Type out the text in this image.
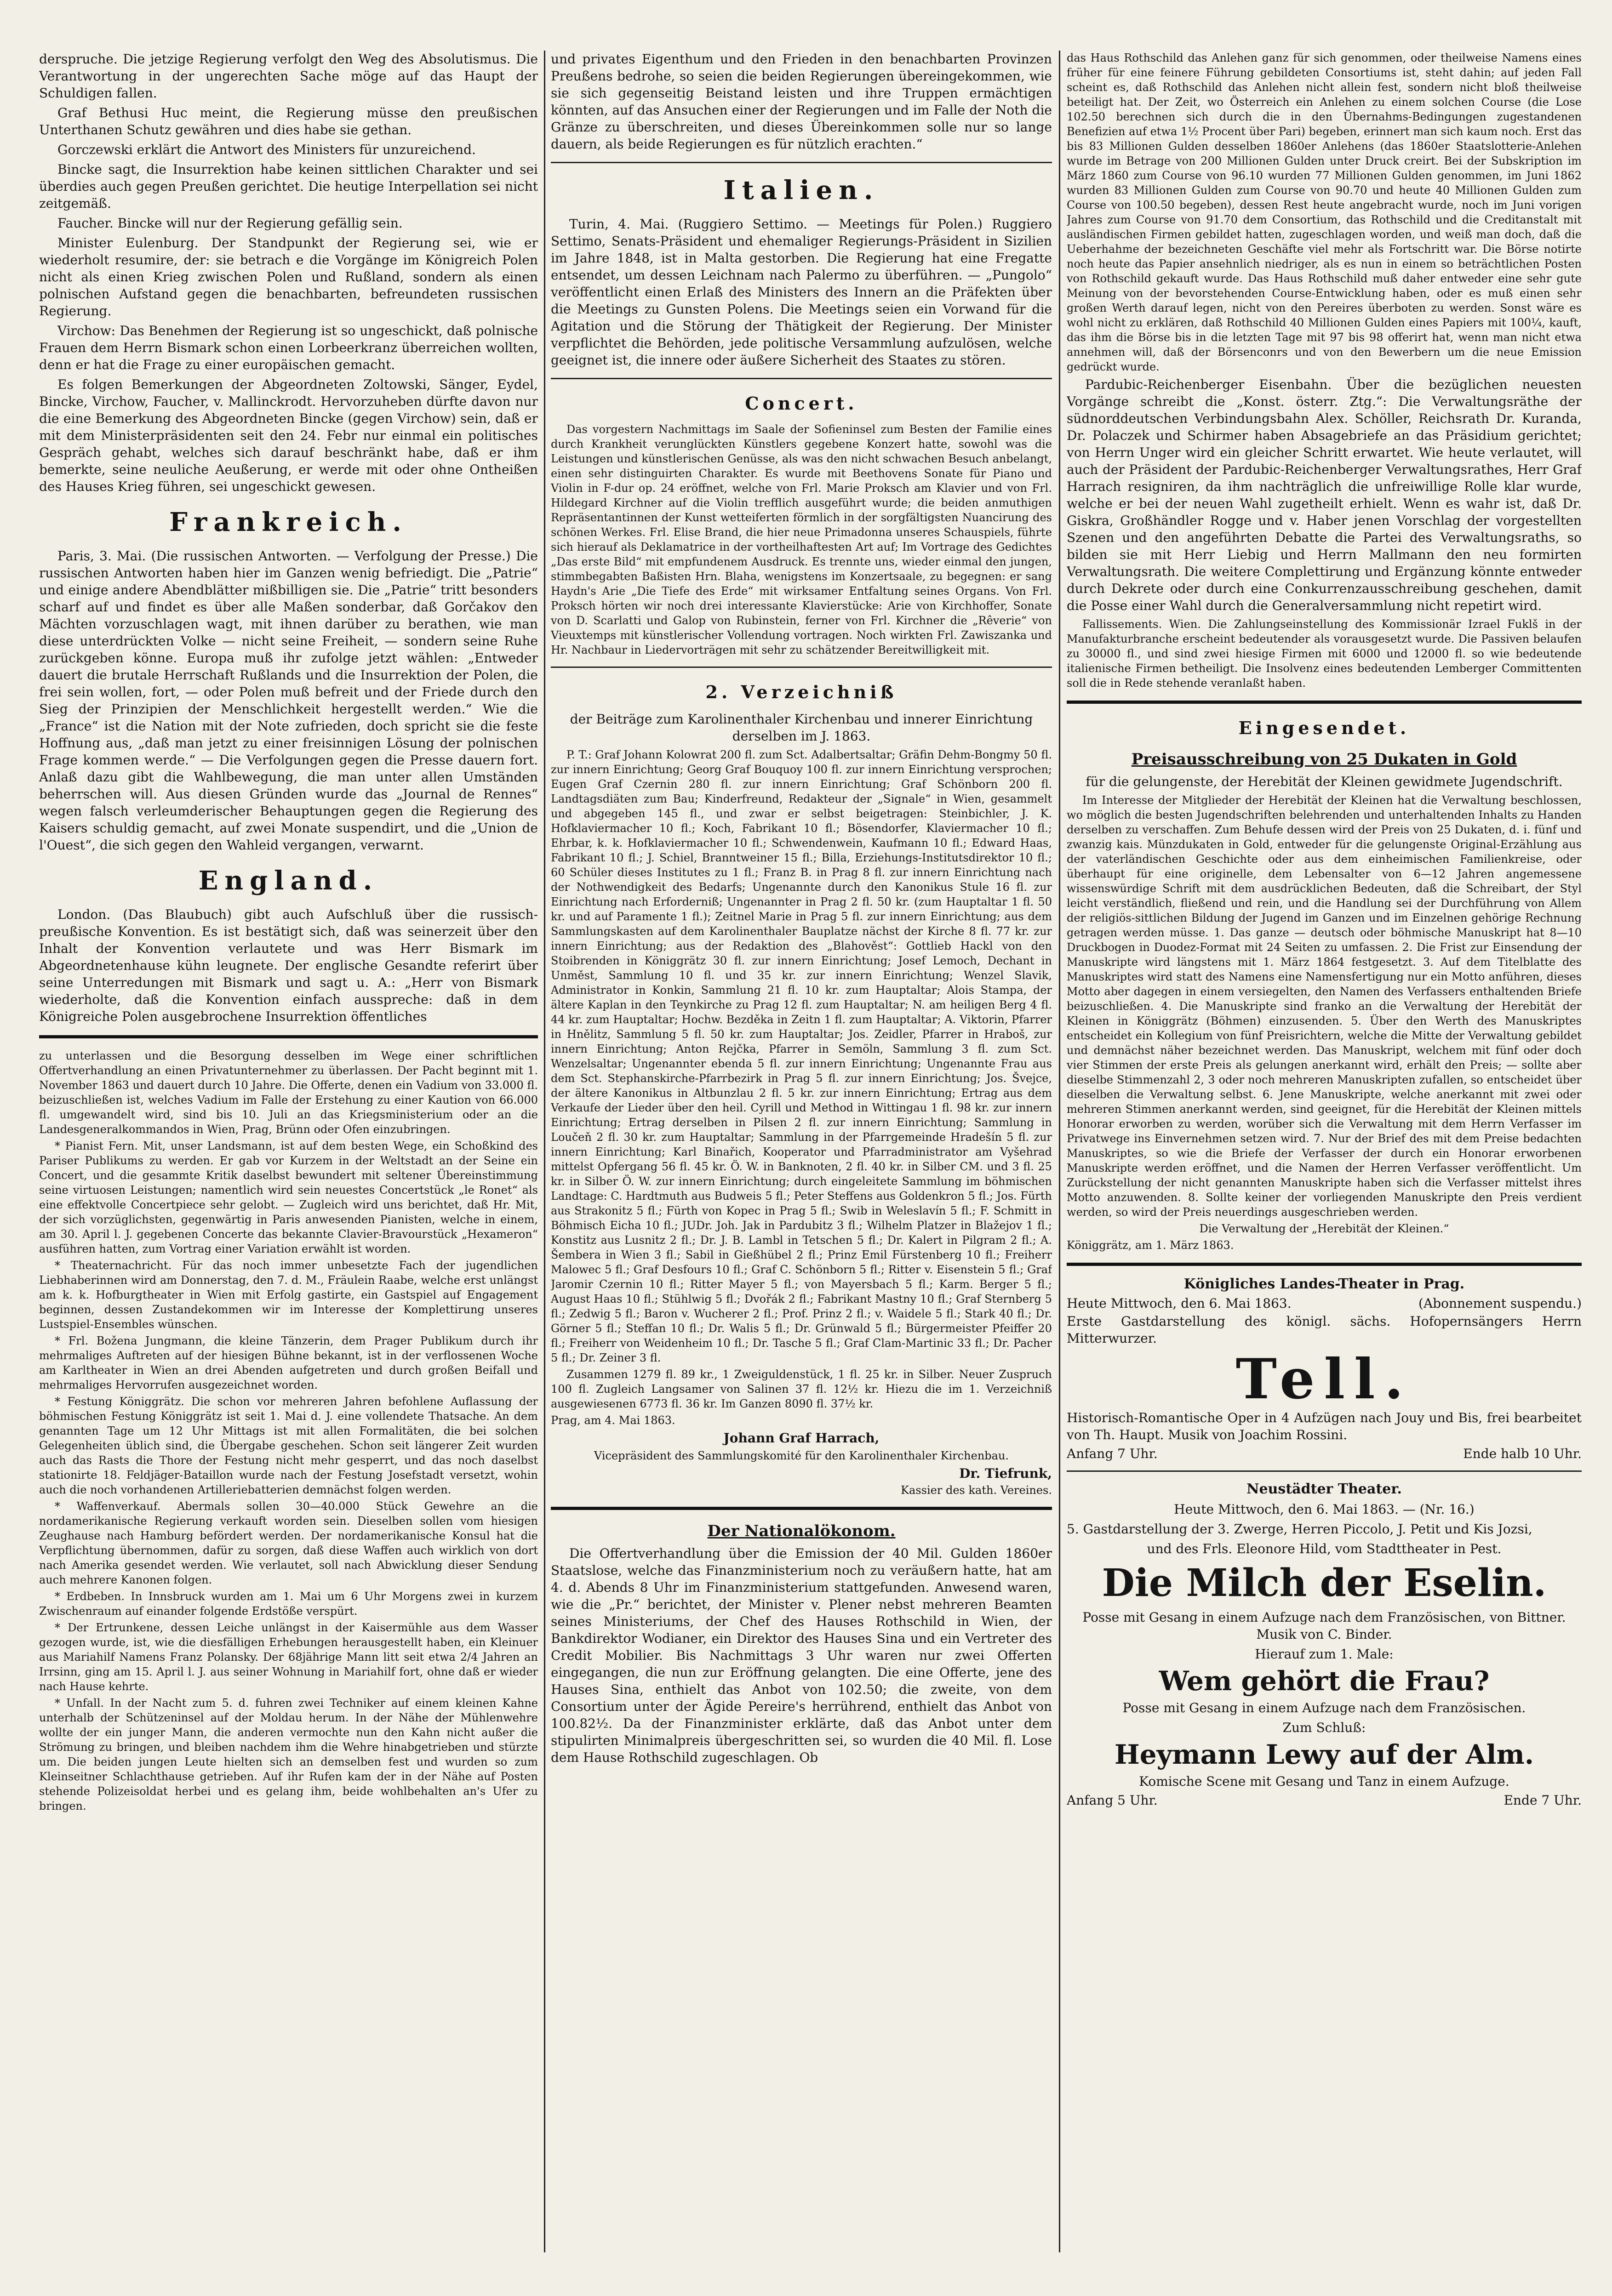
derspruche. Die jetzige Regierung verfolgt den Weg des Absolutismus. Die Verantwortung in der ungerechten Sache möge auf das Haupt der Schuldigen fallen.

Graf Bethusi Huc meint, die Regierung müsse den preußischen Unterthanen Schutz gewähren und dies habe sie gethan.

Gorczewski erklärt die Antwort des Ministers für unzureichend.

Bincke sagt, die Insurrektion habe keinen sittlichen Charakter und sei überdies auch gegen Preußen gerichtet. Die heutige Interpellation sei nicht zeitgemäß.

Faucher. Bincke will nur der Regierung gefällig sein.

Minister Eulenburg. Der Standpunkt der Regierung sei, wie er wiederholt resumire, der: sie betrach e die Vorgänge im Königreich Polen nicht als einen Krieg zwischen Polen und Rußland, sondern als einen polnischen Aufstand gegen die benachbarten, befreundeten russischen Regierung.

Virchow: Das Benehmen der Regierung ist so ungeschickt, daß polnische Frauen dem Herrn Bismark schon einen Lorbeerkranz überreichen wollten, denn er hat die Frage zu einer europäischen gemacht.

Es folgen Bemerkungen der Abgeordneten Zoltowski, Sänger, Eydel, Bincke, Virchow, Faucher, v. Mallinckrodt. Hervorzuheben dürfte davon nur die eine Bemerkung des Abgeordneten Bincke (gegen Virchow) sein, daß er mit dem Ministerpräsidenten seit den 24. Febr nur einmal ein politisches Gespräch gehabt, welches sich darauf beschränkt habe, daß er ihm bemerkte, seine neuliche Aeußerung, er werde mit oder ohne Ontheißen des Hauses Krieg führen, sei ungeschickt gewesen.

Frankreich.

Paris, 3. Mai. (Die russischen Antworten. — Verfolgung der Presse.) Die russischen Antworten haben hier im Ganzen wenig befriedigt. Die „Patrie“ und einige andere Abendblätter mißbilligen sie. Die „Patrie“ tritt besonders scharf auf und findet es über alle Maßen sonderbar, daß Gorčakov den Mächten vorzuschlagen wagt, mit ihnen darüber zu berathen, wie man diese unterdrückten Volke — nicht seine Freiheit, — sondern seine Ruhe zurückgeben könne. Europa muß ihr zufolge jetzt wählen: „Entweder dauert die brutale Herrschaft Rußlands und die Insurrektion der Polen, die frei sein wollen, fort, — oder Polen muß befreit und der Friede durch den Sieg der Prinzipien der Menschlichkeit hergestellt werden.“ Wie die „France“ ist die Nation mit der Note zufrieden, doch spricht sie die feste Hoffnung aus, „daß man jetzt zu einer freisinnigen Lösung der polnischen Frage kommen werde.“ — Die Verfolgungen gegen die Presse dauern fort. Anlaß dazu gibt die Wahlbewegung, die man unter allen Umständen beherrschen will. Aus diesen Gründen wurde das „Journal de Rennes“ wegen falsch verleumderischer Behauptungen gegen die Regierung des Kaisers schuldig gemacht, auf zwei Monate suspendirt, und die „Union de l'Ouest“, die sich gegen den Wahleid vergangen, verwarnt.

England.

London. (Das Blaubuch) gibt auch Aufschluß über die russisch-preußische Konvention. Es ist bestätigt sich, daß was seinerzeit über den Inhalt der Konvention verlautete und was Herr Bismark im Abgeordnetenhause kühn leugnete. Der englische Gesandte referirt über seine Unterredungen mit Bismark und sagt u. A.: „Herr von Bismark wiederholte, daß die Konvention einfach ausspreche: daß in dem Königreiche Polen ausgebrochene Insurrektion öffentliches

zu unterlassen und die Besorgung desselben im Wege einer schriftlichen Offertverhandlung an einen Privatunternehmer zu überlassen. Der Pacht beginnt mit 1. November 1863 und dauert durch 10 Jahre. Die Offerte, denen ein Vadium von 33.000 fl. beizuschließen ist, welches Vadium im Falle der Erstehung zu einer Kaution von 66.000 fl. umgewandelt wird, sind bis 10. Juli an das Kriegsministerium oder an die Landesgeneralkommandos in Wien, Prag, Brünn oder Ofen einzubringen.

* Pianist Fern. Mit, unser Landsmann, ist auf dem besten Wege, ein Schoßkind des Pariser Publikums zu werden. Er gab vor Kurzem in der Weltstadt an der Seine ein Concert, und die gesammte Kritik daselbst bewundert mit seltener Übereinstimmung seine virtuosen Leistungen; namentlich wird sein neuestes Concertstück „le Ronet“ als eine effektvolle Concertpiece sehr gelobt. — Zugleich wird uns berichtet, daß Hr. Mit, der sich vorzüglichsten, gegenwärtig in Paris anwesenden Pianisten, welche in einem, am 30. April l. J. gegebenen Concerte das bekannte Clavier-Bravourstück „Hexameron“ ausführen hatten, zum Vortrag einer Variation erwählt ist worden.

* Theaternachricht. Für das noch immer unbesetzte Fach der jugendlichen Liebhaberinnen wird am Donnerstag, den 7. d. M., Fräulein Raabe, welche erst unlängst am k. k. Hofburgtheater in Wien mit Erfolg gastirte, ein Gastspiel auf Engagement beginnen, dessen Zustandekommen wir im Interesse der Komplettirung unseres Lustspiel-Ensembles wünschen.

* Frl. Božena Jungmann, die kleine Tänzerin, dem Prager Publikum durch ihr mehrmaliges Auftreten auf der hiesigen Bühne bekannt, ist in der verflossenen Woche am Karltheater in Wien an drei Abenden aufgetreten und durch großen Beifall und mehrmaliges Hervorrufen ausgezeichnet worden.

* Festung Königgrätz. Die schon vor mehreren Jahren befohlene Auflassung der böhmischen Festung Königgrätz ist seit 1. Mai d. J. eine vollendete Thatsache. An dem genannten Tage um 12 Uhr Mittags ist mit allen Formalitäten, die bei solchen Gelegenheiten üblich sind, die Übergabe geschehen. Schon seit längerer Zeit wurden auch das Rasts die Thore der Festung nicht mehr gesperrt, und das noch daselbst stationirte 18. Feldjäger-Bataillon wurde nach der Festung Josefstadt versetzt, wohin auch die noch vorhandenen Artilleriebatterien demnächst folgen werden.

* Waffenverkauf. Abermals sollen 30—40.000 Stück Gewehre an die nordamerikanische Regierung verkauft worden sein. Dieselben sollen vom hiesigen Zeughause nach Hamburg befördert werden. Der nordamerikanische Konsul hat die Verpflichtung übernommen, dafür zu sorgen, daß diese Waffen auch wirklich von dort nach Amerika gesendet werden. Wie verlautet, soll nach Abwicklung dieser Sendung auch mehrere Kanonen folgen.

* Erdbeben. In Innsbruck wurden am 1. Mai um 6 Uhr Morgens zwei in kurzem Zwischenraum auf einander folgende Erdstöße verspürt.

* Der Ertrunkene, dessen Leiche unlängst in der Kaisermühle aus dem Wasser gezogen wurde, ist, wie die diesfälligen Erhebungen herausgestellt haben, ein Kleinuer aus Mariahilf Namens Franz Polansky. Der 68jährige Mann litt seit etwa 2/4 Jahren an Irrsinn, ging am 15. April l. J. aus seiner Wohnung in Mariahilf fort, ohne daß er wieder nach Hause kehrte.

* Unfall. In der Nacht zum 5. d. fuhren zwei Techniker auf einem kleinen Kahne unterhalb der Schützeninsel auf der Moldau herum. In der Nähe der Mühlenwehre wollte der ein junger Mann, die anderen vermochte nun den Kahn nicht außer die Strömung zu bringen, und bleiben nachdem ihm die Wehre hinabgetrieben und stürzte um. Die beiden jungen Leute hielten sich an demselben fest und wurden so zum Kleinseitner Schlachthause getrieben. Auf ihr Rufen kam der in der Nähe auf Posten stehende Polizeisoldat herbei und es gelang ihm, beide wohlbehalten an's Ufer zu bringen.

und privates Eigenthum und den Frieden in den benachbarten Provinzen Preußens bedrohe, so seien die beiden Regierungen übereingekommen, wie sie sich gegenseitig Beistand leisten und ihre Truppen ermächtigen könnten, auf das Ansuchen einer der Regierungen und im Falle der Noth die Gränze zu überschreiten, und dieses Übereinkommen solle nur so lange dauern, als beide Regierungen es für nützlich erachten.“

Italien.

Turin, 4. Mai. (Ruggiero Settimo. — Meetings für Polen.) Ruggiero Settimo, Senats-Präsident und ehemaliger Regierungs-Präsident in Sizilien im Jahre 1848, ist in Malta gestorben. Die Regierung hat eine Fregatte entsendet, um dessen Leichnam nach Palermo zu überführen. — „Pungolo“ veröffentlicht einen Erlaß des Ministers des Innern an die Präfekten über die Meetings zu Gunsten Polens. Die Meetings seien ein Vorwand für die Agitation und die Störung der Thätigkeit der Regierung. Der Minister verpflichtet die Behörden, jede politische Versammlung aufzulösen, welche geeignet ist, die innere oder äußere Sicherheit des Staates zu stören.

Concert.

Das vorgestern Nachmittags im Saale der Sofieninsel zum Besten der Familie eines durch Krankheit verunglückten Künstlers gegebene Konzert hatte, sowohl was die Leistungen und künstlerischen Genüsse, als was den nicht schwachen Besuch anbelangt, einen sehr distinguirten Charakter. Es wurde mit Beethovens Sonate für Piano und Violin in F-dur op. 24 eröffnet, welche von Frl. Marie Proksch am Klavier und von Frl. Hildegard Kirchner auf die Violin trefflich ausgeführt wurde; die beiden anmuthigen Repräsentantinnen der Kunst wetteiferten förmlich in der sorgfältigsten Nuancirung des schönen Werkes. Frl. Elise Brand, die hier neue Primadonna unseres Schauspiels, führte sich hierauf als Deklamatrice in der vortheilhaftesten Art auf; Im Vortrage des Gedichtes „Das erste Bild“ mit empfundenem Ausdruck. Es trennte uns, wieder einmal den jungen, stimmbegabten Baßisten Hrn. Blaha, wenigstens im Konzertsaale, zu begegnen: er sang Haydn's Arie „Die Tiefe des Erde“ mit wirksamer Entfaltung seines Organs. Von Frl. Proksch hörten wir noch drei interessante Klavierstücke: Arie von Kirchhoffer, Sonate von D. Scarlatti und Galop von Rubinstein, ferner von Frl. Kirchner die „Rêverie“ von Vieuxtemps mit künstlerischer Vollendung vortragen. Noch wirkten Frl. Zawiszanka und Hr. Nachbaur in Liedervorträgen mit sehr zu schätzender Bereitwilligkeit mit.

2. Verzeichniß

der Beiträge zum Karolinenthaler Kirchenbau und innerer Einrichtung derselben im J. 1863.

P. T.: Graf Johann Kolowrat 200 fl. zum Sct. Adalbertsaltar; Gräfin Dehm-Bongmy 50 fl. zur innern Einrichtung; Georg Graf Bouquoy 100 fl. zur innern Einrichtung versprochen; Eugen Graf Czernin 280 fl. zur innern Einrichtung; Graf Schönborn 200 fl. Landtagsdiäten zum Bau; Kinderfreund, Redakteur der „Signale“ in Wien, gesammelt und abgegeben 145 fl., und zwar er selbst beigetragen: Steinbichler, J. K. Hofklaviermacher 10 fl.; Koch, Fabrikant 10 fl.; Bösendorfer, Klaviermacher 10 fl.; Ehrbar, k. k. Hofklaviermacher 10 fl.; Schwendenwein, Kaufmann 10 fl.; Edward Haas, Fabrikant 10 fl.; J. Schiel, Branntweiner 15 fl.; Billa, Erziehungs-Institutsdirektor 10 fl.; 60 Schüler dieses Institutes zu 1 fl.; Franz B. in Prag 8 fl. zur innern Einrichtung nach der Nothwendigkeit des Bedarfs; Ungenannte durch den Kanonikus Stule 16 fl. zur Einrichtung nach Erforderniß; Ungenannter in Prag 2 fl. 50 kr. (zum Hauptaltar 1 fl. 50 kr. und auf Paramente 1 fl.); Zeitnel Marie in Prag 5 fl. zur innern Einrichtung; aus dem Sammlungskasten auf dem Karolinenthaler Bauplatze nächst der Kirche 8 fl. 77 kr. zur innern Einrichtung; aus der Redaktion des „Blahověst“: Gottlieb Hackl von den Stoibrenden in Königgrätz 30 fl. zur innern Einrichtung; Josef Lemoch, Dechant in Unměst, Sammlung 10 fl. und 35 kr. zur innern Einrichtung; Wenzel Slavik, Administrator in Konkin, Sammlung 21 fl. 10 kr. zum Hauptaltar; Alois Stampa, der ältere Kaplan in den Teynkirche zu Prag 12 fl. zum Hauptaltar; N. am heiligen Berg 4 fl. 44 kr. zum Hauptaltar; Hochw. Bezděka in Zeitn 1 fl. zum Hauptaltar; A. Viktorin, Pfarrer in Hnělitz, Sammlung 5 fl. 50 kr. zum Hauptaltar; Jos. Zeidler, Pfarrer in Hraboš, zur innern Einrichtung; Anton Rejčka, Pfarrer in Semöln, Sammlung 3 fl. zum Sct. Wenzelsaltar; Ungenannter ebenda 5 fl. zur innern Einrichtung; Ungenannte Frau aus dem Sct. Stephanskirche-Pfarrbezirk in Prag 5 fl. zur innern Einrichtung; Jos. Švejce, der ältere Kanonikus in Altbunzlau 2 fl. 5 kr. zur innern Einrichtung; Ertrag aus dem Verkaufe der Lieder über den heil. Cyrill und Method in Wittingau 1 fl. 98 kr. zur innern Einrichtung; Ertrag derselben in Pilsen 2 fl. zur innern Einrichtung; Sammlung in Loučeň 2 fl. 30 kr. zum Hauptaltar; Sammlung in der Pfarrgemeinde Hradešín 5 fl. zur innern Einrichtung; Karl Binařich, Kooperator und Pfarradministrator am Vyšehrad mittelst Opfergang 56 fl. 45 kr. Ö. W. in Banknoten, 2 fl. 40 kr. in Silber CM. und 3 fl. 25 kr. in Silber Ö. W. zur innern Einrichtung; durch eingeleitete Sammlung im böhmischen Landtage: C. Hardtmuth aus Budweis 5 fl.; Peter Steffens aus Goldenkron 5 fl.; Jos. Fürth aus Strakonitz 5 fl.; Fürth von Kopec in Prag 5 fl.; Swib in Weleslavín 5 fl.; F. Schmitt in Böhmisch Eicha 10 fl.; JUDr. Joh. Jak in Pardubitz 3 fl.; Wilhelm Platzer in Blažejov 1 fl.; Konstitz aus Lusnitz 2 fl.; Dr. J. B. Lambl in Tetschen 5 fl.; Dr. Kalert in Pilgram 2 fl.; A. Šembera in Wien 3 fl.; Sabil in Gießhübel 2 fl.; Prinz Emil Fürstenberg 10 fl.; Freiherr Malowec 5 fl.; Graf Desfours 10 fl.; Graf C. Schönborn 5 fl.; Ritter v. Eisenstein 5 fl.; Graf Jaromir Czernin 10 fl.; Ritter Mayer 5 fl.; von Mayersbach 5 fl.; Karm. Berger 5 fl.; August Haas 10 fl.; Stühlwig 5 fl.; Dvořák 2 fl.; Fabrikant Mastny 10 fl.; Graf Sternberg 5 fl.; Zedwig 5 fl.; Baron v. Wucherer 2 fl.; Prof. Prinz 2 fl.; v. Waidele 5 fl.; Stark 40 fl.; Dr. Görner 5 fl.; Steffan 10 fl.; Dr. Walis 5 fl.; Dr. Grünwald 5 fl.; Bürgermeister Pfeiffer 20 fl.; Freiherr von Weidenheim 10 fl.; Dr. Tasche 5 fl.; Graf Clam-Martinic 33 fl.; Dr. Pacher 5 fl.; Dr. Zeiner 3 fl.

Zusammen 1279 fl. 89 kr., 1 Zweiguldenstück, 1 fl. 25 kr. in Silber. Neuer Zuspruch 100 fl. Zugleich Langsamer von Salinen 37 fl. 12½ kr. Hiezu die im 1. Verzeichniß ausgewiesenen 6773 fl. 36 kr. Im Ganzen 8090 fl. 37½ kr.

Prag, am 4. Mai 1863.

Johann Graf Harrach,

Vicepräsident des Sammlungskomité für den Karolinenthaler Kirchenbau.

Dr. Tiefrunk,

Kassier des kath. Vereines.

Der Nationalökonom.

Die Offertverhandlung über die Emission der 40 Mil. Gulden 1860er Staatslose, welche das Finanzministerium noch zu veräußern hatte, hat am 4. d. Abends 8 Uhr im Finanzministerium stattgefunden. Anwesend waren, wie die „Pr.“ berichtet, der Minister v. Plener nebst mehreren Beamten seines Ministeriums, der Chef des Hauses Rothschild in Wien, der Bankdirektor Wodianer, ein Direktor des Hauses Sina und ein Vertreter des Credit Mobilier. Bis Nachmittags 3 Uhr waren nur zwei Offerten eingegangen, die nun zur Eröffnung gelangten. Die eine Offerte, jene des Hauses Sina, enthielt das Anbot von 102.50; die zweite, von dem Consortium unter der Ägide Pereire's herrührend, enthielt das Anbot von 100.82½. Da der Finanzminister erklärte, daß das Anbot unter dem stipulirten Minimalpreis übergeschritten sei, so wurden die 40 Mil. fl. Lose dem Hause Rothschild zugeschlagen. Ob

das Haus Rothschild das Anlehen ganz für sich genommen, oder theilweise Namens eines früher für eine feinere Führung gebildeten Consortiums ist, steht dahin; auf jeden Fall scheint es, daß Rothschild das Anlehen nicht allein fest, sondern nicht bloß theilweise beteiligt hat. Der Zeit, wo Österreich ein Anlehen zu einem solchen Course (die Lose 102.50 berechnen sich durch die in den Übernahms-Bedingungen zugestandenen Benefizien auf etwa 1½ Procent über Pari) begeben, erinnert man sich kaum noch. Erst das bis 83 Millionen Gulden desselben 1860er Anlehens (das 1860er Staatslotterie-Anlehen wurde im Betrage von 200 Millionen Gulden unter Druck creirt. Bei der Subskription im März 1860 zum Course von 96.10 wurden 77 Millionen Gulden genommen, im Juni 1862 wurden 83 Millionen Gulden zum Course von 90.70 und heute 40 Millionen Gulden zum Course von 100.50 begeben), dessen Rest heute angebracht wurde, noch im Juni vorigen Jahres zum Course von 91.70 dem Consortium, das Rothschild und die Creditanstalt mit ausländischen Firmen gebildet hatten, zugeschlagen worden, und weiß man doch, daß die Ueberhahme der bezeichneten Geschäfte viel mehr als Fortschritt war. Die Börse notirte noch heute das Papier ansehnlich niedriger, als es nun in einem so beträchtlichen Posten von Rothschild gekauft wurde. Das Haus Rothschild muß daher entweder eine sehr gute Meinung von der bevorstehenden Course-Entwicklung haben, oder es muß einen sehr großen Werth darauf legen, nicht von den Pereires überboten zu werden. Sonst wäre es wohl nicht zu erklären, daß Rothschild 40 Millionen Gulden eines Papiers mit 100¼, kauft, das ihm die Börse bis in die letzten Tage mit 97 bis 98 offerirt hat, wenn man nicht etwa annehmen will, daß der Börsenconrs und von den Bewerbern um die neue Emission gedrückt wurde.

Pardubic-Reichenberger Eisenbahn. Über die bezüglichen neuesten Vorgänge schreibt die „Konst. österr. Ztg.“: Die Verwaltungsräthe der südnorddeutschen Verbindungsbahn Alex. Schöller, Reichsrath Dr. Kuranda, Dr. Polaczek und Schirmer haben Absagebriefe an das Präsidium gerichtet; von Herrn Unger wird ein gleicher Schritt erwartet. Wie heute verlautet, will auch der Präsident der Pardubic-Reichenberger Verwaltungsrathes, Herr Graf Harrach resigniren, da ihm nachträglich die unfreiwillige Rolle klar wurde, welche er bei der neuen Wahl zugetheilt erhielt. Wenn es wahr ist, daß Dr. Giskra, Großhändler Rogge und v. Haber jenen Vorschlag der vorgestellten Szenen und den angeführten Debatte die Partei des Verwaltungsraths, so bilden sie mit Herr Liebig und Herrn Mallmann den neu formirten Verwaltungsrath. Die weitere Complettirung und Ergänzung könnte entweder durch Dekrete oder durch eine Conkurrenzausschreibung geschehen, damit die Posse einer Wahl durch die Generalversammlung nicht repetirt wird.

Fallissements. Wien. Die Zahlungseinstellung des Kommissionär Izrael Fuklš in der Manufakturbranche erscheint bedeutender als vorausgesetzt wurde. Die Passiven belaufen zu 30000 fl., und sind zwei hiesige Firmen mit 6000 und 12000 fl. so wie bedeutende italienische Firmen betheiligt. Die Insolvenz eines bedeutenden Lemberger Committenten soll die in Rede stehende veranlaßt haben.

Eingesendet.
Preisausschreibung von 25 Dukaten in Gold

für die gelungenste, der Herebität der Kleinen gewidmete Jugendschrift.

Im Interesse der Mitglieder der Herebität der Kleinen hat die Verwaltung beschlossen, wo möglich die besten Jugendschriften belehrenden und unterhaltenden Inhalts zu Handen derselben zu verschaffen. Zum Behufe dessen wird der Preis von 25 Dukaten, d. i. fünf und zwanzig kais. Münzdukaten in Gold, entweder für die gelungenste Original-Erzählung aus der vaterländischen Geschichte oder aus dem einheimischen Familienkreise, oder überhaupt für eine originelle, dem Lebensalter von 6—12 Jahren angemessene wissenswürdige Schrift mit dem ausdrücklichen Bedeuten, daß die Schreibart, der Styl leicht verständlich, fließend und rein, und die Handlung sei der Durchführung von Allem der religiös-sittlichen Bildung der Jugend im Ganzen und im Einzelnen gehörige Rechnung getragen werden müsse. 1. Das ganze — deutsch oder böhmische Manuskript hat 8—10 Druckbogen in Duodez-Format mit 24 Seiten zu umfassen. 2. Die Frist zur Einsendung der Manuskripte wird längstens mit 1. März 1864 festgesetzt. 3. Auf dem Titelblatte des Manuskriptes wird statt des Namens eine Namensfertigung nur ein Motto anführen, dieses Motto aber dagegen in einem versiegelten, den Namen des Verfassers enthaltenden Briefe beizuschließen. 4. Die Manuskripte sind franko an die Verwaltung der Herebität der Kleinen in Königgrätz (Böhmen) einzusenden. 5. Über den Werth des Manuskriptes entscheidet ein Kollegium von fünf Preisrichtern, welche die Mitte der Verwaltung gebildet und demnächst näher bezeichnet werden. Das Manuskript, welchem mit fünf oder doch vier Stimmen der erste Preis als gelungen anerkannt wird, erhält den Preis; — sollte aber dieselbe Stimmenzahl 2, 3 oder noch mehreren Manuskripten zufallen, so entscheidet über dieselben die Verwaltung selbst. 6. Jene Manuskripte, welche anerkannt mit zwei oder mehreren Stimmen anerkannt werden, sind geeignet, für die Herebität der Kleinen mittels Honorar erworben zu werden, worüber sich die Verwaltung mit dem Herrn Verfasser im Privatwege ins Einvernehmen setzen wird. 7. Nur der Brief des mit dem Preise bedachten Manuskriptes, so wie die Briefe der Verfasser der durch ein Honorar erworbenen Manuskripte werden eröffnet, und die Namen der Herren Verfasser veröffentlicht. Um Zurückstellung der nicht genannten Manuskripte haben sich die Verfasser mittelst ihres Motto anzuwenden. 8. Sollte keiner der vorliegenden Manuskripte den Preis verdient werden, so wird der Preis neuerdings ausgeschrieben werden.

Die Verwaltung der „Herebität der Kleinen.“

Königgrätz, am 1. März 1863.

Königliches Landes-Theater in Prag.
Heute Mittwoch, den 6. Mai 1863.	(Abonnement suspendu.)

Erste Gastdarstellung des königl. sächs. Hofopernsängers Herrn Mitterwurzer.

Tell.

Historisch-Romantische Oper in 4 Aufzügen nach Jouy und Bis, frei bearbeitet von Th. Haupt. Musik von Joachim Rossini.

Anfang 7 Uhr.	Ende halb 10 Uhr.
Neustädter Theater.

Heute Mittwoch, den 6. Mai 1863. — (Nr. 16.)

5. Gastdarstellung der 3. Zwerge, Herren Piccolo, J. Petit und Kis Jozsi,

und des Frls. Eleonore Hild, vom Stadttheater in Pest.

Die Milch der Eselin.

Posse mit Gesang in einem Aufzuge nach dem Französischen, von Bittner. Musik von C. Binder.

Hierauf zum 1. Male:

Wem gehört die Frau?

Posse mit Gesang in einem Aufzuge nach dem Französischen.

Zum Schluß:

Heymann Lewy auf der Alm.

Komische Scene mit Gesang und Tanz in einem Aufzuge.

Anfang 5 Uhr.	Ende 7 Uhr.
